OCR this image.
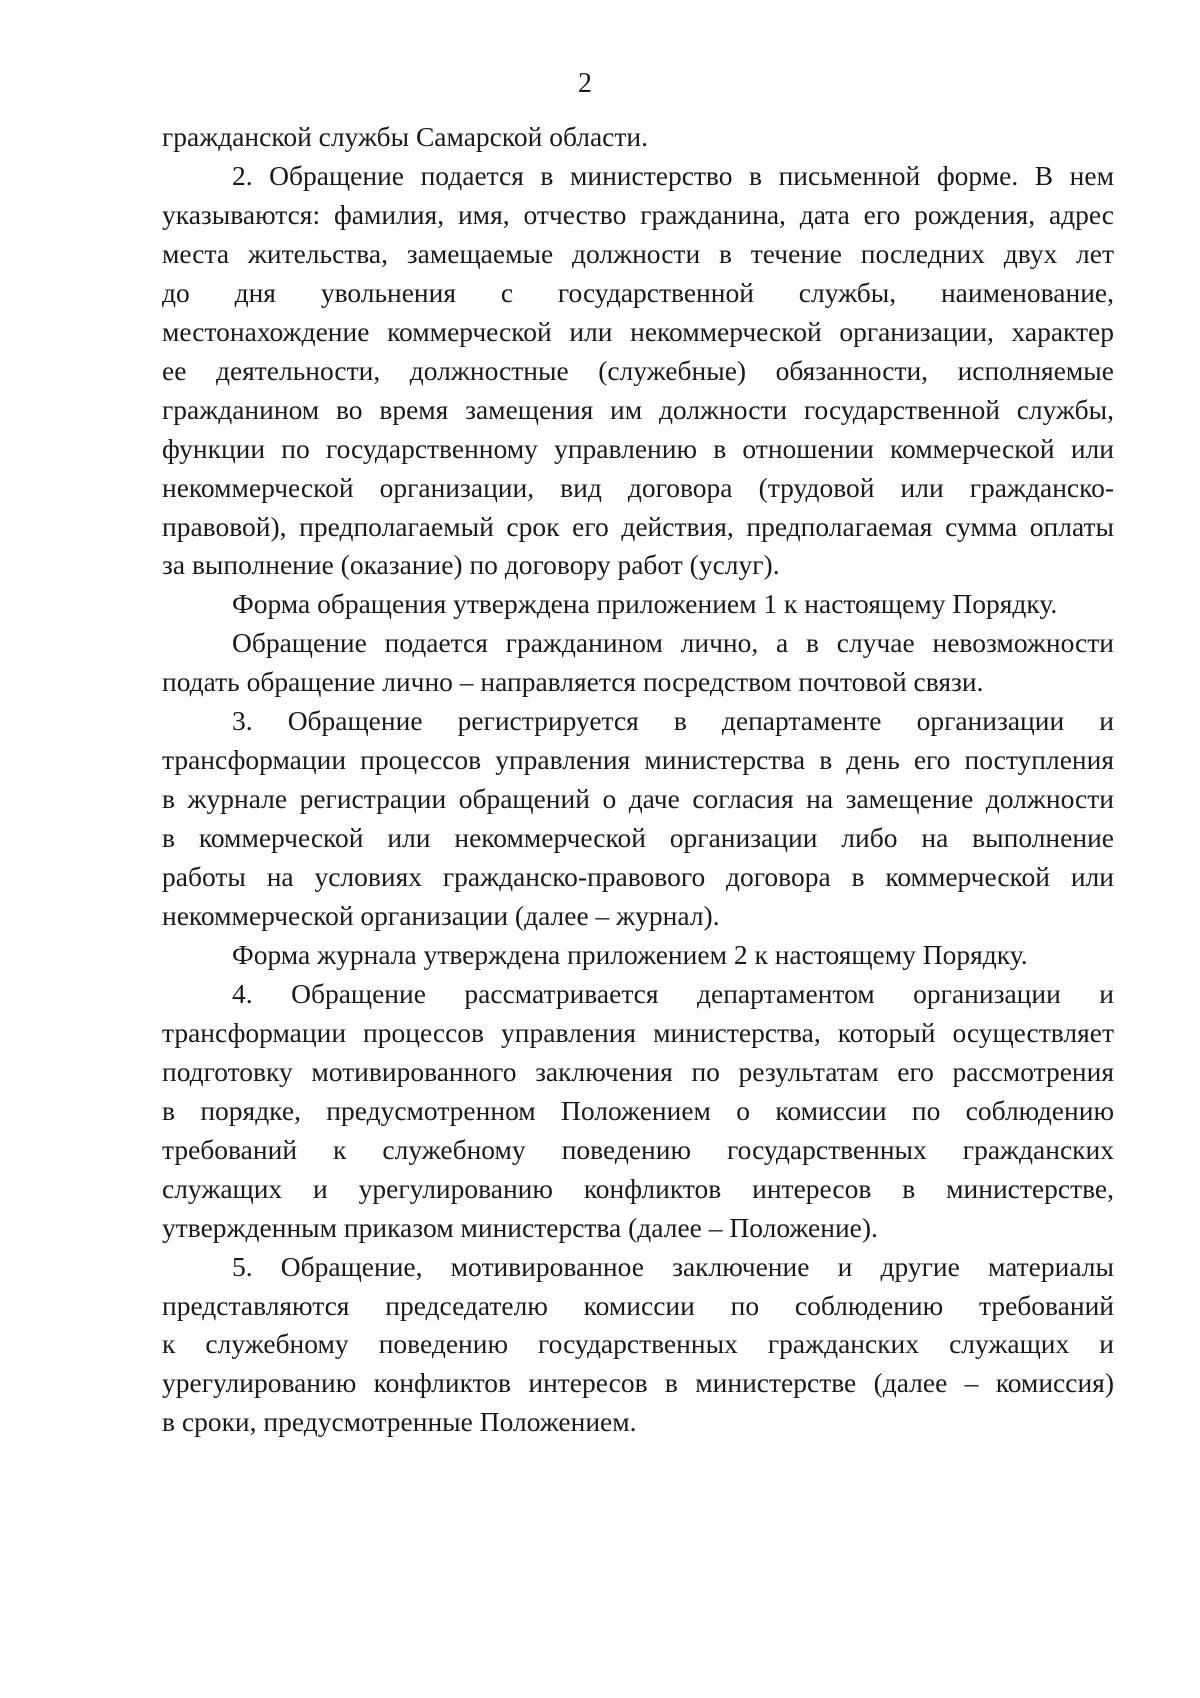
2
гражданской службы Самарской области.
2. Обращение подается в министерство в письменной форме. В нем
указываются: фамилия, имя, отчество гражданина, дата его рождения, адрес
места жительства, замещаемые должности в течение последних двух лет
до дня увольнения с государственной службы, наименование,
местонахождение коммерческой или некоммерческой организации, характер
ее деятельности, должностные (служебные) обязанности, исполняемые
гражданином во время замещения им должности государственной службы,
функции по государственному управлению в отношении коммерческой или
некоммерческой организации, вид договора (трудовой или гражданско-
правовой), предполагаемый срок его действия, предполагаемая сумма оплаты
за выполнение (оказание) по договору работ (услуг).
Форма обращения утверждена приложением 1 к настоящему Порядку.
Обращение подается гражданином лично, а в случае невозможности
подать обращение лично – направляется посредством почтовой связи.
3. Обращение регистрируется в департаменте организации и
трансформации процессов управления министерства в день его поступления
в журнале регистрации обращений о даче согласия на замещение должности
в коммерческой или некоммерческой организации либо на выполнение
работы на условиях гражданско-правового договора в коммерческой или
некоммерческой организации (далее – журнал).
Форма журнала утверждена приложением 2 к настоящему Порядку.
4. Обращение рассматривается департаментом организации и
трансформации процессов управления министерства, который осуществляет
подготовку мотивированного заключения по результатам его рассмотрения
в порядке, предусмотренном Положением о комиссии по соблюдению
требований к служебному поведению государственных гражданских
служащих и урегулированию конфликтов интересов в министерстве,
утвержденным приказом министерства (далее – Положение).
5. Обращение, мотивированное заключение и другие материалы
представляются председателю комиссии по соблюдению требований
к служебному поведению государственных гражданских служащих и
урегулированию конфликтов интересов в министерстве (далее – комиссия)
в сроки, предусмотренные Положением.
